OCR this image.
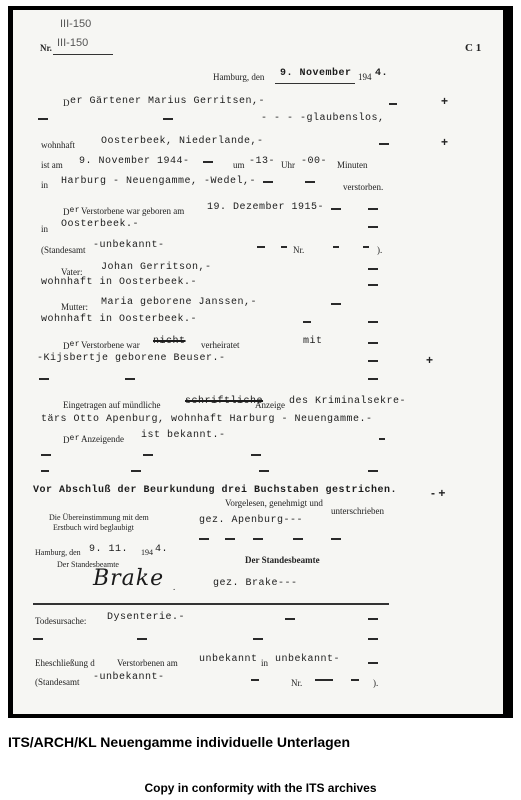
III-150
Nr. III-150	C 1
Hamburg, den 9. November 194 4.
D er Gärtener Marius Gerritsen,-	+
- - - -glaubenslos,
wohnhaft	Oosterbeek, Niederlande,-	+
ist am 9. November 1944-	um -13- Uhr -00- Minuten
in Harburg - Neuengamme, -Wedel,-	verstorben.
Der Verstorbene war geboren am 19. Dezember 1915-
in Oosterbeek.-
(Standesamt -unbekannt-	Nr.	).
Vater: Johan Gerritson,-
wohnhaft in Oosterbeek.-
Mutter: Maria geborene Janssen,-
wohnhaft in Oosterbeek.-
Der Verstorbene war nicht verheiratet	mit
-Kijsbertje geborene Beuser.-	+
Eingetragen auf mündliche schriftliche
Anzeige des Kriminalsekre-
tärs Otto Apenburg, wohnhaft Harburg - Neuengamme.-
Der Anzeigende ist bekannt.-
Vor Abschluß der Beurkundung drei Buchstaben gestrichen.	- +
Vorgelesen, genehmigt und
unterschrieben
Die Übereinstimmung mit dem
Erstbuch wird beglaubigt
gez. Apenburg---
Hamburg, den 9. 11. 194 4.
Der Standesbeamte
Der Standesbeamte
Brake .	gez. Brake---
Todesursache: Dysenterie.-
Eheschließung d Verstorbenen am unbekannt in unbekannt-
(Standesamt -unbekannt-	Nr.	).
ITS/ARCH/KL Neuengamme individuelle Unterlagen
Copy in conformity with the ITS archives
